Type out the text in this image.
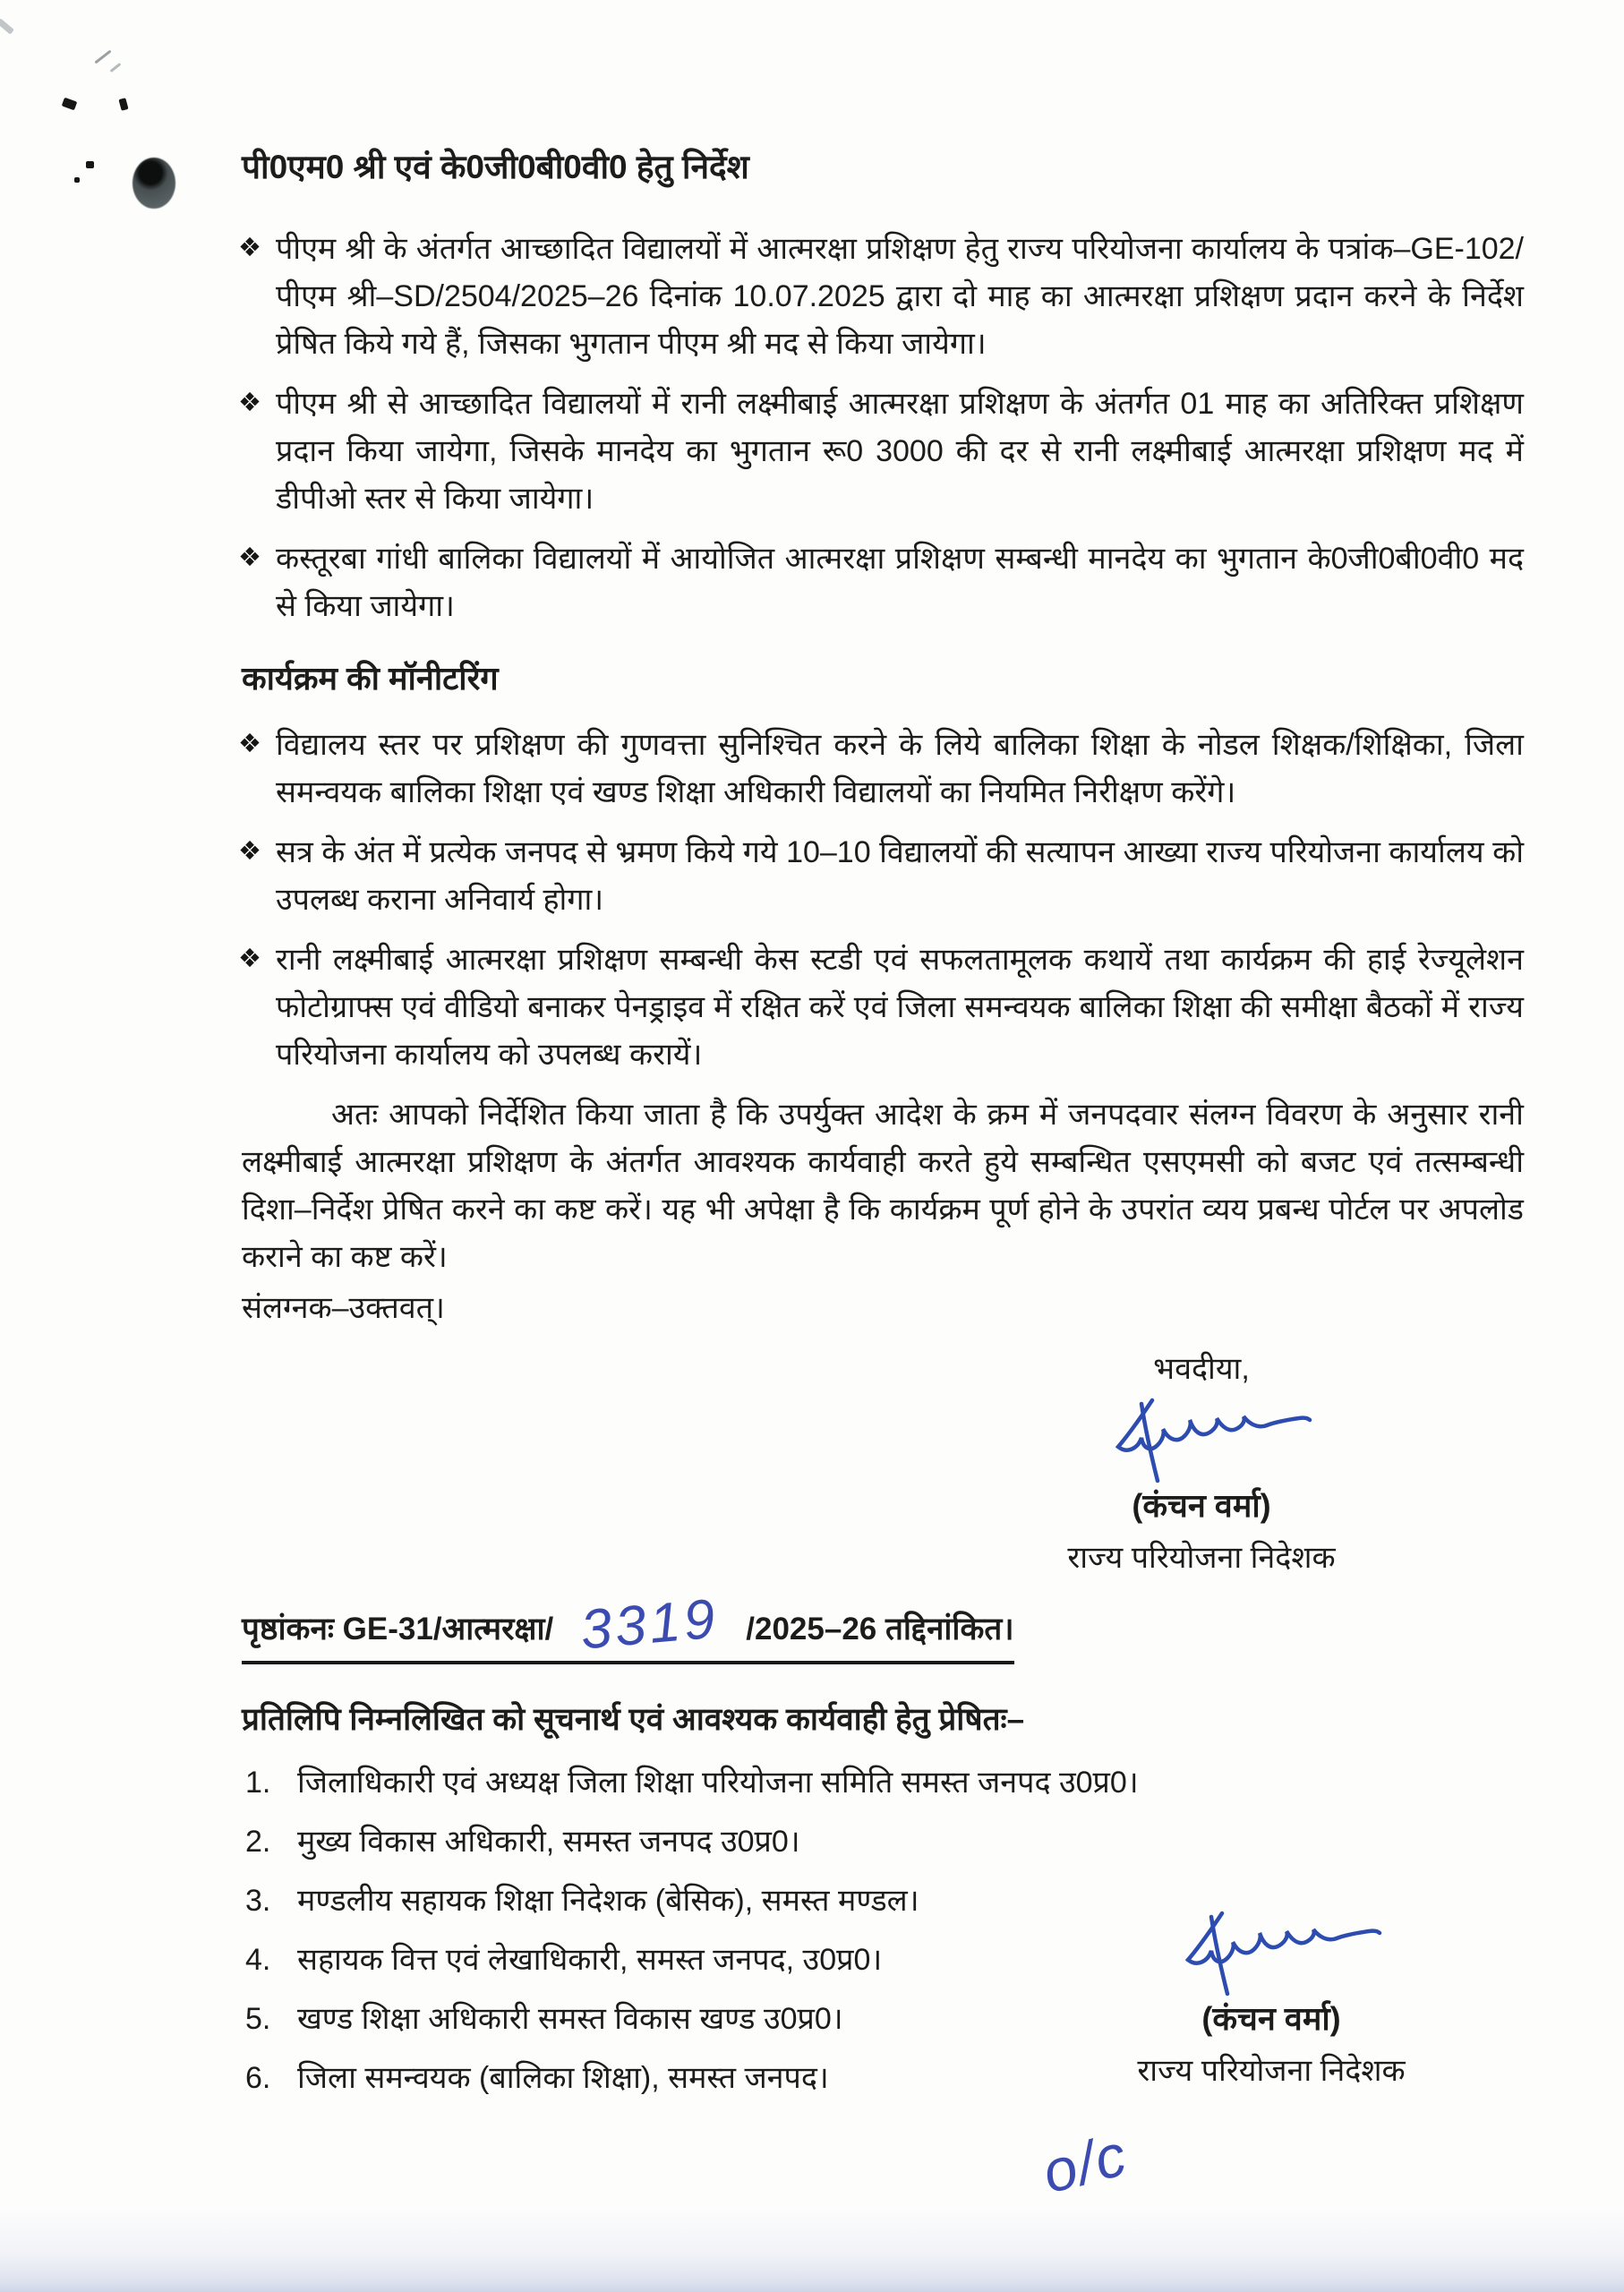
पी0एम0 श्री एवं के0जी0बी0वी0 हेतु निर्देश

❖ पीएम श्री के अंतर्गत आच्छादित विद्यालयों में आत्मरक्षा प्रशिक्षण हेतु राज्य परियोजना कार्यालय के पत्रांक–GE-102/पीएम श्री–SD/2504/2025–26 दिनांक 10.07.2025 द्वारा दो माह का आत्मरक्षा प्रशिक्षण प्रदान करने के निर्देश प्रेषित किये गये हैं, जिसका भुगतान पीएम श्री मद से किया जायेगा।
❖ पीएम श्री से आच्छादित विद्यालयों में रानी लक्ष्मीबाई आत्मरक्षा प्रशिक्षण के अंतर्गत 01 माह का अतिरिक्त प्रशिक्षण प्रदान किया जायेगा, जिसके मानदेय का भुगतान रू0 3000 की दर से रानी लक्ष्मीबाई आत्मरक्षा प्रशिक्षण मद में डीपीओ स्तर से किया जायेगा।
❖ कस्तूरबा गांधी बालिका विद्यालयों में आयोजित आत्मरक्षा प्रशिक्षण सम्बन्धी मानदेय का भुगतान के0जी0बी0वी0 मद से किया जायेगा।

कार्यक्रम की मॉनीटरिंग

❖ विद्यालय स्तर पर प्रशिक्षण की गुणवत्ता सुनिश्चित करने के लिये बालिका शिक्षा के नोडल शिक्षक/शिक्षिका, जिला समन्वयक बालिका शिक्षा एवं खण्ड शिक्षा अधिकारी विद्यालयों का नियमित निरीक्षण करेंगे।
❖ सत्र के अंत में प्रत्येक जनपद से भ्रमण किये गये 10–10 विद्यालयों की सत्यापन आख्या राज्य परियोजना कार्यालय को उपलब्ध कराना अनिवार्य होगा।
❖ रानी लक्ष्मीबाई आत्मरक्षा प्रशिक्षण सम्बन्धी केस स्टडी एवं सफलतामूलक कथायें तथा कार्यक्रम की हाई रेज्यूलेशन फोटोग्राफ्स एवं वीडियो बनाकर पेनड्राइव में रक्षित करें एवं जिला समन्वयक बालिका शिक्षा की समीक्षा बैठकों में राज्य परियोजना कार्यालय को उपलब्ध करायें।

अतः आपको निर्देशित किया जाता है कि उपर्युक्त आदेश के क्रम में जनपदवार संलग्न विवरण के अनुसार रानी लक्ष्मीबाई आत्मरक्षा प्रशिक्षण के अंतर्गत आवश्यक कार्यवाही करते हुये सम्बन्धित एसएमसी को बजट एवं तत्सम्बन्धी दिशा–निर्देश प्रेषित करने का कष्ट करें। यह भी अपेक्षा है कि कार्यक्रम पूर्ण होने के उपरांत व्यय प्रबन्ध पोर्टल पर अपलोड कराने का कष्ट करें।

संलग्नक–उक्तवत्।

भवदीया,

(कंचन वर्मा)

राज्य परियोजना निदेशक

पृष्ठांकनः GE-31/आत्मरक्षा/ 3319 /2025–26 तद्दिनांकित।

प्रतिलिपि निम्नलिखित को सूचनार्थ एवं आवश्यक कार्यवाही हेतु प्रेषितः–

1. जिलाधिकारी एवं अध्यक्ष जिला शिक्षा परियोजना समिति समस्त जनपद उ0प्र0।
2. मुख्य विकास अधिकारी, समस्त जनपद उ0प्र0।
3. मण्डलीय सहायक शिक्षा निदेशक (बेसिक), समस्त मण्डल।
4. सहायक वित्त एवं लेखाधिकारी, समस्त जनपद, उ0प्र0।
5. खण्ड शिक्षा अधिकारी समस्त विकास खण्ड उ0प्र0।
6. जिला समन्वयक (बालिका शिक्षा), समस्त जनपद।

(कंचन वर्मा)

राज्य परियोजना निदेशक

o/c
